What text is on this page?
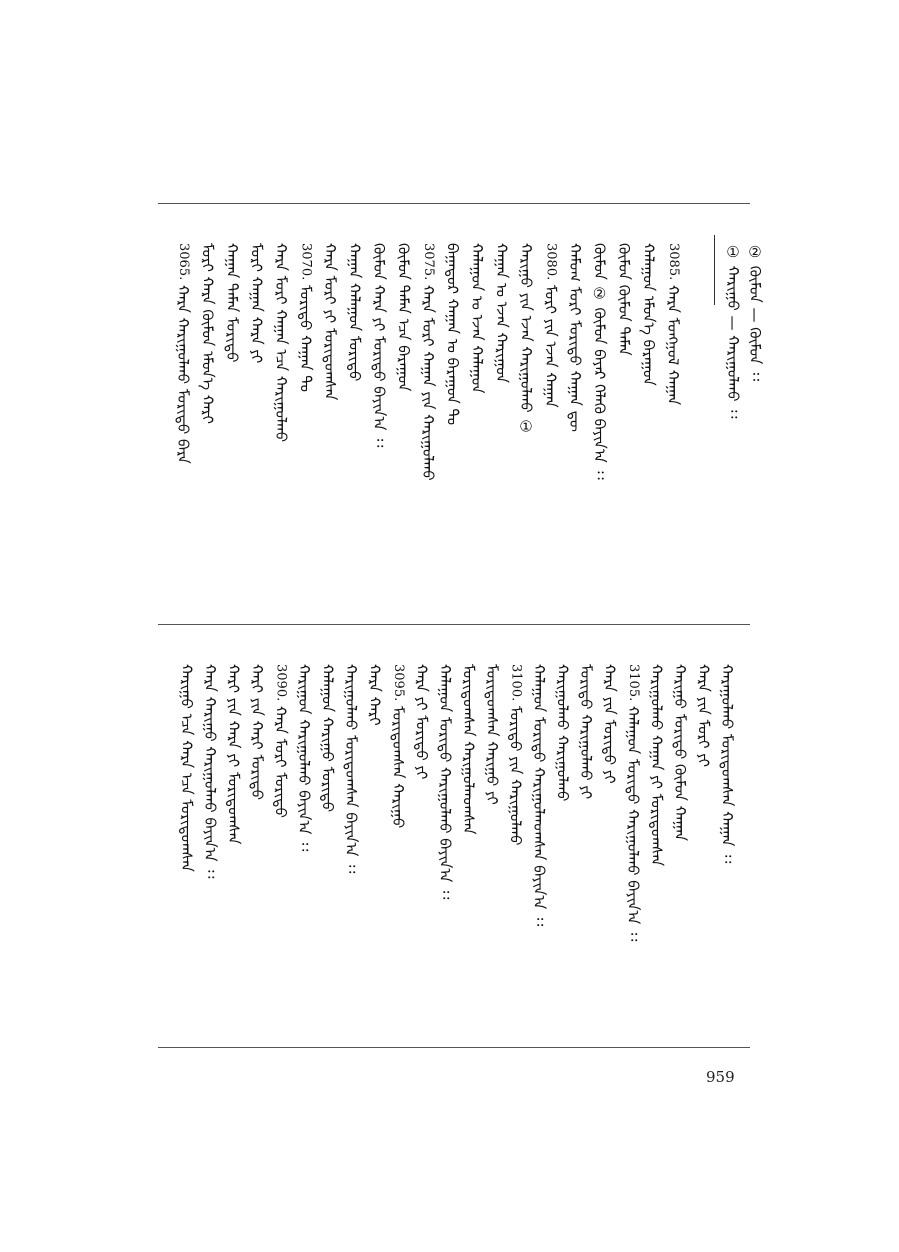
② ᠬᠦᠮᠦᠨ — ᠬᠦᠮᠦᠨ ᠄᠄
① ᠬᠠᠷᠢᠭᠤ — ᠬᠠᠷᠢᠭᠤᠯᠬᠤ ᠄᠄
3085. ᠬᠠᠷᠠ ᠮᠣᠩᠭᠣᠯ ᠬᠠᠭᠠᠨ
ᠬᠠᠯᠠᠭᠤᠨ ᠡᠮᠦᠨ᠎ᠡ ᠪᠠᠷᠠᠭᠤᠨ
ᠬᠦᠮᠦᠨ ᠬᠦᠮᠦᠨ ᠲᠡᠮᠡᠨ
ᠬᠦᠮᠦᠨ ② ᠬᠦᠮᠦᠨ ᠪᠠᠶᠠᠷ ᠬᠡᠯᠡᠬᠦ ᠪᠠᠶᠢᠨ᠎ᠠ ᠄᠄
ᠬᠠᠮᠤᠭ ᠮᠣᠷᠢ ᠮᠣᠷᠢᠳᠤ ᠬᠠᠭᠠᠨ ᠳᠦ
3080. ᠮᠣᠷᠢ ᠶᠢᠨ ᠡᠵᠡᠨ ᠬᠠᠭᠠᠨ
ᠬᠠᠷᠢᠭᠤ ᠶᠢᠨ ᠡᠵᠡᠨ ᠬᠠᠷᠢᠭᠤᠯᠬᠤ ①
ᠬᠠᠭᠠᠨ ᠤ ᠡᠵᠡᠨ ᠬᠠᠷᠢᠭᠤᠨ
ᠬᠠᠯᠠᠭᠤᠨ ᠤ ᠡᠵᠡᠨ ᠬᠠᠯᠠᠭᠤᠨ
ᠪᠠᠭᠠᠲᠤᠷ ᠬᠠᠭᠠᠨ ᠤ ᠪᠠᠷᠠᠭᠤᠨ ᠲᠤ
3075. ᠬᠠᠷᠠ ᠮᠣᠷᠢ ᠬᠠᠭᠠᠨ ᠶᠢᠨ ᠬᠠᠷᠢᠭᠤᠯᠬᠤ
ᠬᠦᠮᠦᠨ ᠲᠡᠮᠡᠨ ᠡᠴᠡ ᠪᠠᠷᠠᠭᠤᠨ
ᠬᠦᠮᠦᠨ ᠬᠠᠷᠠ ᠶᠢ ᠮᠣᠷᠢᠳᠤ ᠪᠠᠶᠢᠨ᠎ᠠ ᠄᠄
ᠬᠠᠭᠠᠨ ᠬᠠᠯᠠᠭᠤᠨ ᠮᠣᠷᠢᠳᠤ
ᠬᠠᠷᠠ ᠮᠣᠷᠢ ᠶᠢ ᠮᠣᠷᠢᠳᠤᠭᠰᠠᠨ
3070. ᠮᠣᠷᠢᠳᠤ ᠬᠠᠭᠠᠨ ᠲᠤ
ᠬᠠᠷᠠ ᠮᠣᠷᠢ ᠬᠠᠭᠠᠨ ᠡᠴᠡ ᠬᠠᠷᠢᠭᠤᠯᠬᠤ
ᠮᠣᠷᠢ ᠬᠠᠭᠠᠨ ᠬᠠᠷᠠ ᠶᠢ
ᠬᠠᠭᠠᠨ ᠲᠡᠮᠡᠨ ᠮᠣᠷᠢᠳᠤ
ᠮᠣᠷᠢ ᠬᠠᠷᠠ ᠬᠦᠮᠦᠨ ᠡᠮᠦᠨ᠎ᠡ ᠬᠠᠷᠢ
3065. ᠬᠠᠷᠠ ᠬᠠᠷᠢᠭᠤᠯᠬᠤ ᠮᠣᠷᠢᠳᠤ ᠪᠠᠷᠠ
ᠬᠠᠷᠠᠭᠤᠯᠬᠤ ᠮᠣᠷᠢᠳᠤᠭᠰᠠᠨ ᠬᠠᠭᠠᠨ ᠄᠄
ᠬᠠᠷᠠ ᠶᠢᠨ ᠮᠣᠷᠢ ᠶᠢ
ᠬᠠᠷᠢᠭᠤ ᠮᠣᠷᠢᠳᠤ ᠬᠦᠮᠦᠨ ᠬᠠᠭᠠᠨ
ᠬᠠᠷᠢᠭᠤᠯᠬᠤ ᠬᠠᠭᠠᠨ ᠶᠢ ᠮᠣᠷᠢᠳᠤᠭᠰᠠᠨ
3105. ᠬᠠᠯᠠᠭᠤᠨ ᠮᠣᠷᠢᠳᠤ ᠬᠠᠷᠢᠭᠤᠯᠬᠤ ᠪᠠᠶᠢᠨ᠎ᠠ ᠄᠄
ᠬᠠᠷᠠ ᠶᠢᠨ ᠮᠣᠷᠢᠳᠤ ᠶᠢ
ᠮᠣᠷᠢᠳᠤ ᠬᠠᠷᠢᠭᠤᠯᠬᠤ ᠶᠢ
ᠬᠠᠷᠢᠭᠤᠯᠬᠤ ᠬᠠᠷᠢᠭᠤᠯᠬᠤ
ᠬᠠᠯᠠᠭᠤᠨ ᠮᠣᠷᠢᠳᠤ ᠬᠠᠷᠢᠭᠤᠯᠬᠤᠭᠰᠠᠨ ᠪᠠᠶᠢᠨ᠎ᠠ ᠄᠄
3100. ᠮᠣᠷᠢᠳᠤ ᠶᠢᠨ ᠬᠠᠷᠢᠭᠤᠯᠬᠤ
ᠮᠣᠷᠢᠳᠤᠭᠰᠠᠨ ᠬᠠᠷᠢᠭᠤ ᠶᠢ
ᠮᠣᠷᠢᠳᠤᠭᠰᠠᠨ ᠬᠠᠷᠢᠭᠤᠯᠬᠤᠭᠰᠠᠨ
ᠬᠠᠯᠠᠭᠤᠨ ᠮᠣᠷᠢᠳᠤ ᠬᠠᠷᠢᠭᠤᠯᠬᠤ ᠪᠠᠶᠢᠨ᠎ᠠ ᠄᠄
ᠬᠠᠷᠠ ᠶᠢ ᠮᠣᠷᠢᠳᠤ ᠶᠢ
3095. ᠮᠣᠷᠢᠳᠤᠭᠰᠠᠨ ᠬᠠᠷᠢᠭᠤ
ᠬᠠᠷᠠ ᠬᠠᠷᠢ
ᠬᠠᠷᠢᠭᠤᠯᠬᠤ ᠮᠣᠷᠢᠳᠤᠭᠰᠠᠨ ᠪᠠᠶᠢᠨ᠎ᠠ ᠄᠄
ᠬᠠᠯᠠᠭᠤᠨ ᠬᠠᠷᠢᠭᠤ ᠮᠣᠷᠢᠳᠤ
ᠬᠠᠷᠢᠭᠤᠨ ᠬᠠᠷᠢᠭᠤᠯᠬᠤ ᠪᠠᠶᠢᠨ᠎ᠠ ᠄᠄
3090. ᠬᠠᠷᠠ ᠮᠣᠷᠢ ᠮᠣᠷᠢᠳᠤ
ᠬᠠᠷᠢ ᠶᠢᠨ ᠬᠠᠷᠢ ᠮᠣᠷᠢᠳᠤ
ᠬᠠᠷᠢ ᠶᠢᠨ ᠬᠠᠷᠠ ᠶᠢ ᠮᠣᠷᠢᠳᠤᠭᠰᠠᠨ
ᠬᠠᠷᠠ ᠬᠠᠷᠢᠭᠤ ᠬᠠᠷᠢᠭᠤᠯᠬᠤ ᠪᠠᠶᠢᠨ᠎ᠠ ᠄᠄
ᠬᠠᠷᠢᠭᠤ ᠡᠴᠡ ᠬᠠᠷᠠ ᠡᠴᠡ ᠮᠣᠷᠢᠳᠤᠭᠰᠠᠨ
959
